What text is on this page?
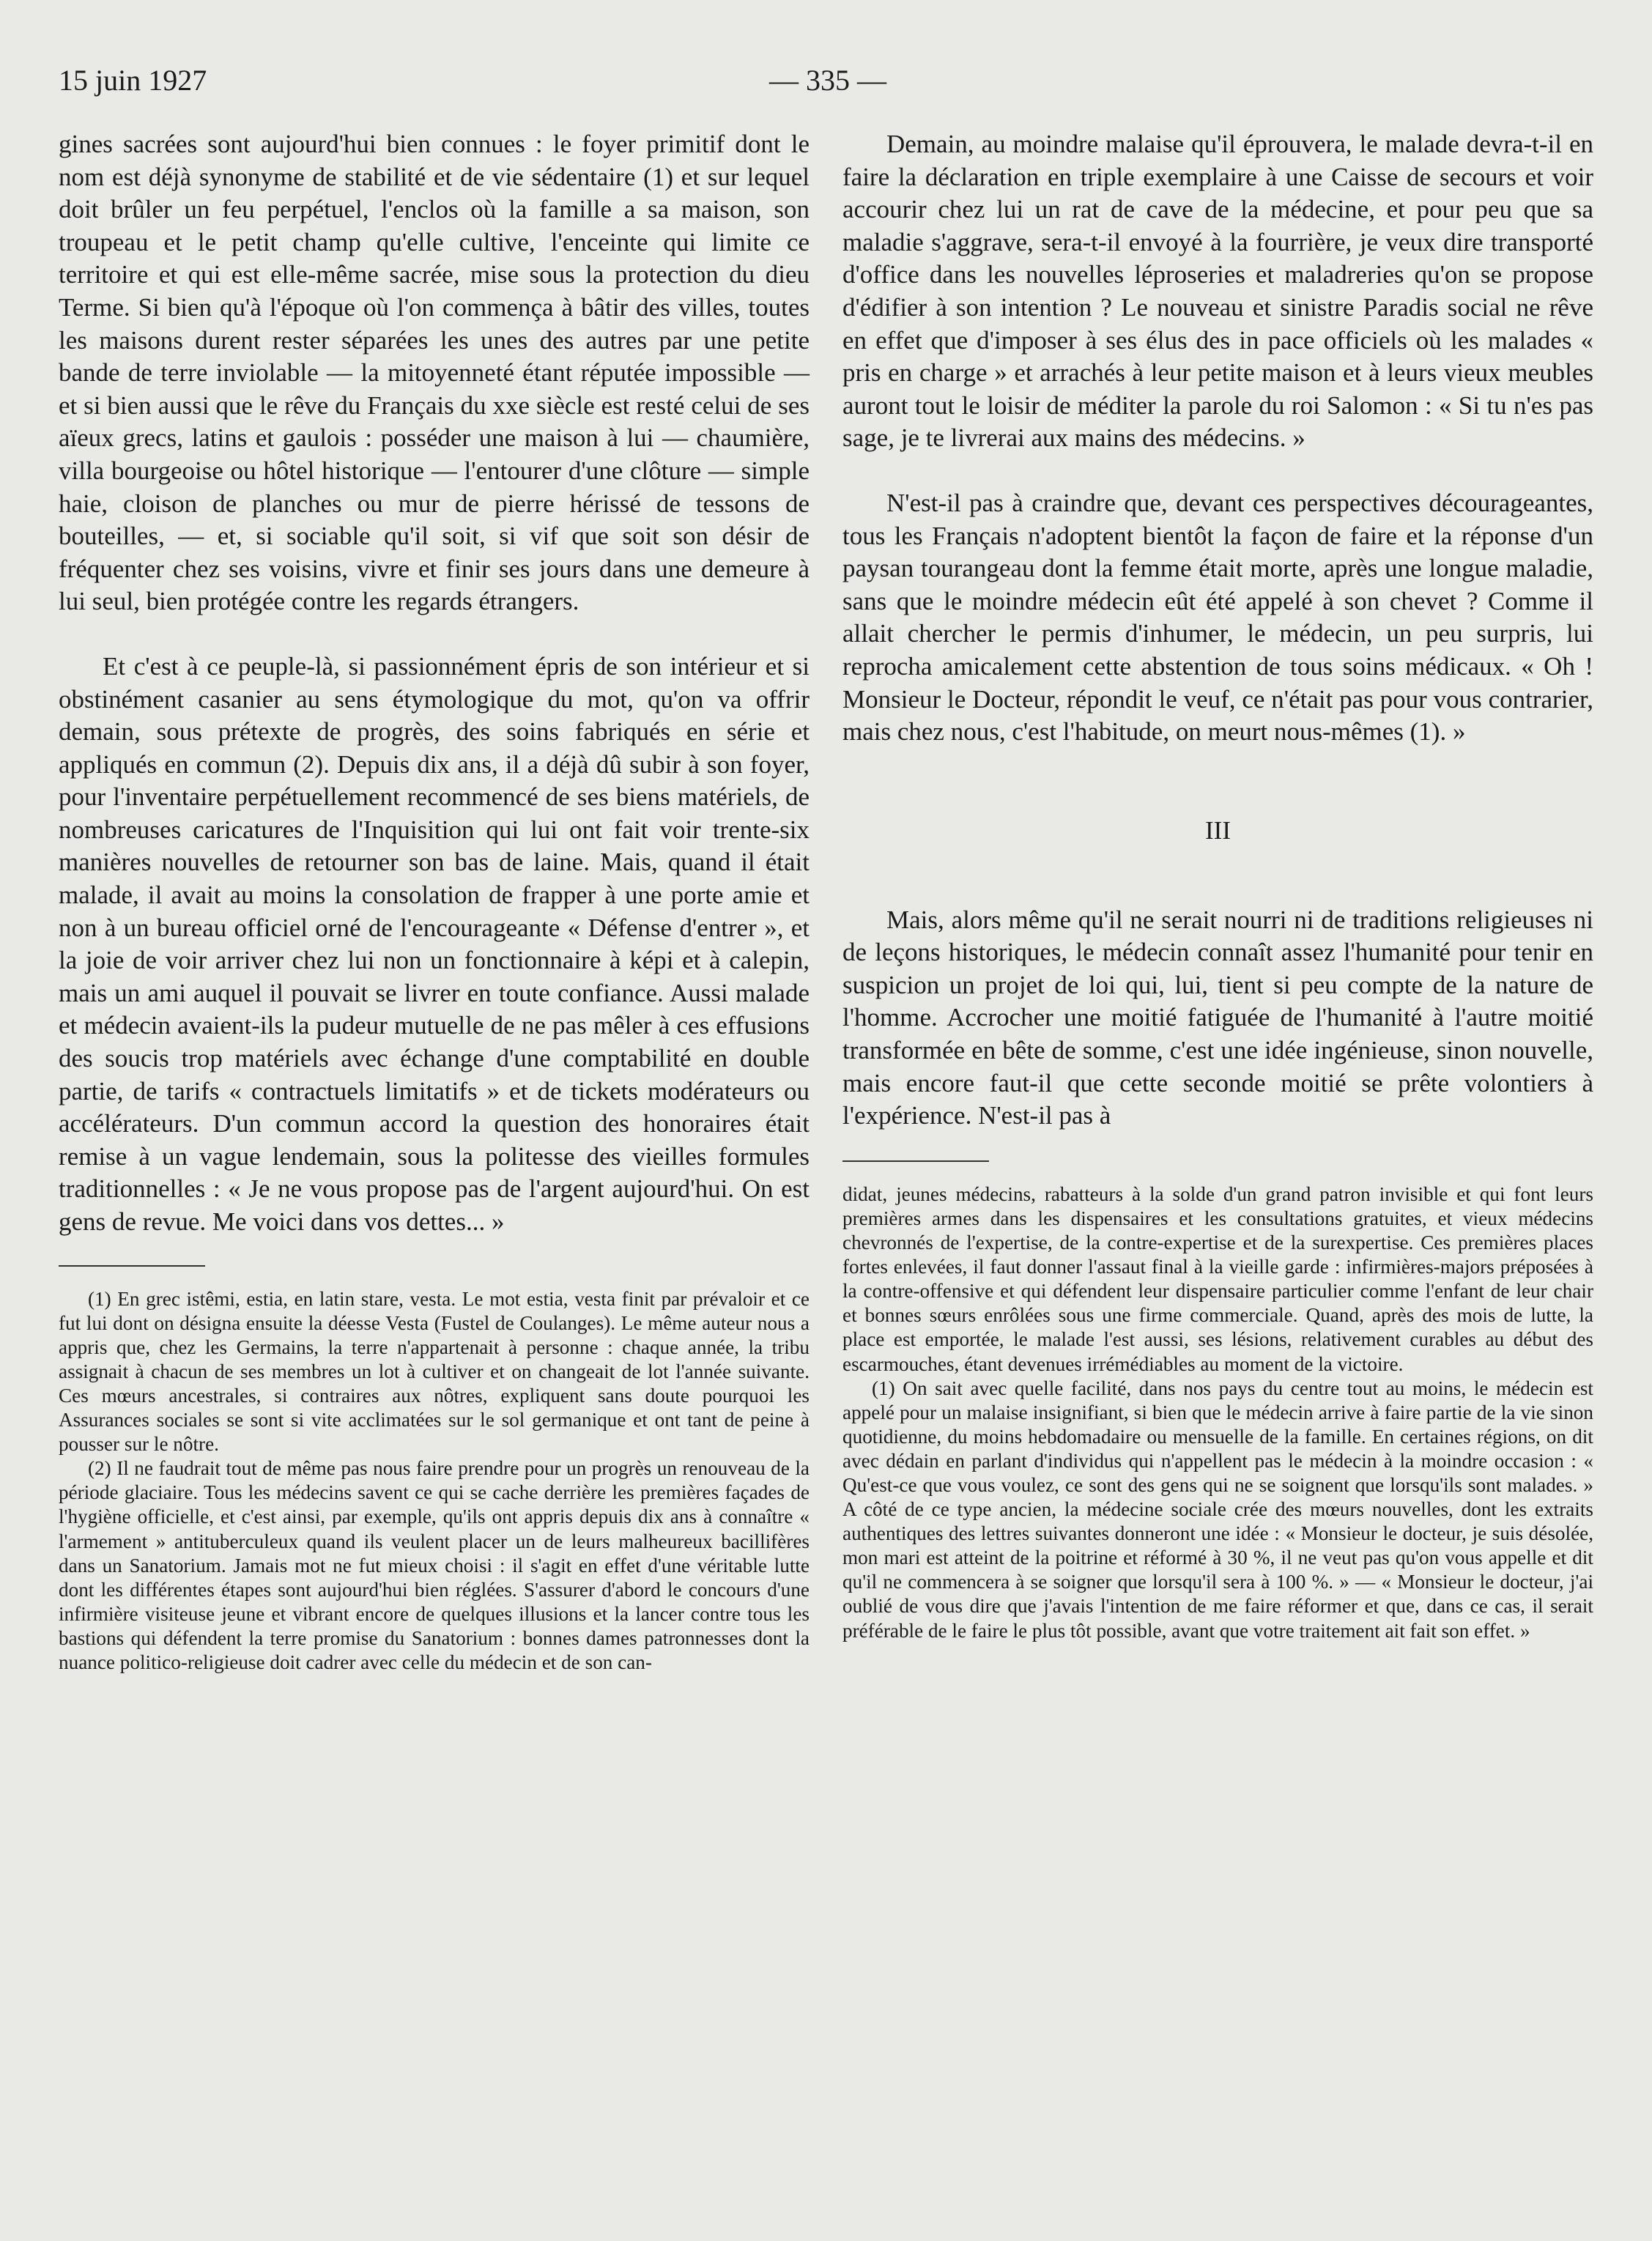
15 juin 1927	— 335 —

gines sacrées sont aujourd'hui bien connues : le foyer primitif dont le nom est déjà synonyme de stabilité et de vie sédentaire (1) et sur lequel doit brûler un feu perpétuel, l'enclos où la famille a sa maison, son troupeau et le petit champ qu'elle cultive, l'enceinte qui limite ce territoire et qui est elle-même sacrée, mise sous la protection du dieu Terme. Si bien qu'à l'époque où l'on commença à bâtir des villes, toutes les maisons durent rester séparées les unes des autres par une petite bande de terre inviolable — la mitoyenneté étant réputée impossible — et si bien aussi que le rêve du Français du xxe siècle est resté celui de ses aïeux grecs, latins et gaulois : posséder une maison à lui — chaumière, villa bourgeoise ou hôtel historique — l'entourer d'une clôture — simple haie, cloison de planches ou mur de pierre hérissé de tessons de bouteilles, — et, si sociable qu'il soit, si vif que soit son désir de fréquenter chez ses voisins, vivre et finir ses jours dans une demeure à lui seul, bien protégée contre les regards étrangers.

Et c'est à ce peuple-là, si passionnément épris de son intérieur et si obstinément casanier au sens étymologique du mot, qu'on va offrir demain, sous prétexte de progrès, des soins fabriqués en série et appliqués en commun (2). Depuis dix ans, il a déjà dû subir à son foyer, pour l'inventaire perpétuellement recommencé de ses biens matériels, de nombreuses caricatures de l'Inquisition qui lui ont fait voir trente-six manières nouvelles de retourner son bas de laine. Mais, quand il était malade, il avait au moins la consolation de frapper à une porte amie et non à un bureau officiel orné de l'encourageante « Défense d'entrer », et la joie de voir arriver chez lui non un fonctionnaire à képi et à calepin, mais un ami auquel il pouvait se livrer en toute confiance. Aussi malade et médecin avaient-ils la pudeur mutuelle de ne pas mêler à ces effusions des soucis trop matériels avec échange d'une comptabilité en double partie, de tarifs « contractuels limitatifs » et de tickets modérateurs ou accélérateurs. D'un commun accord la question des honoraires était remise à un vague lendemain, sous la politesse des vieilles formules traditionnelles : « Je ne vous propose pas de l'argent aujourd'hui. On est gens de revue. Me voici dans vos dettes... »

(1) En grec istêmi, estia, en latin stare, vesta. Le mot estia, vesta finit par prévaloir et ce fut lui dont on désigna ensuite la déesse Vesta (Fustel de Coulanges). Le même auteur nous a appris que, chez les Germains, la terre n'appartenait à personne : chaque année, la tribu assignait à chacun de ses membres un lot à cultiver et on changeait de lot l'année suivante. Ces mœurs ancestrales, si contraires aux nôtres, expliquent sans doute pourquoi les Assurances sociales se sont si vite acclimatées sur le sol germanique et ont tant de peine à pousser sur le nôtre.

(2) Il ne faudrait tout de même pas nous faire prendre pour un progrès un renouveau de la période glaciaire. Tous les médecins savent ce qui se cache derrière les premières façades de l'hygiène officielle, et c'est ainsi, par exemple, qu'ils ont appris depuis dix ans à connaître « l'armement » antituberculeux quand ils veulent placer un de leurs malheureux bacillifères dans un Sanatorium. Jamais mot ne fut mieux choisi : il s'agit en effet d'une véritable lutte dont les différentes étapes sont aujourd'hui bien réglées. S'assurer d'abord le concours d'une infirmière visiteuse jeune et vibrant encore de quelques illusions et la lancer contre tous les bastions qui défendent la terre promise du Sanatorium : bonnes dames patronnesses dont la nuance politico-religieuse doit cadrer avec celle du médecin et de son can-

Demain, au moindre malaise qu'il éprouvera, le malade devra-t-il en faire la déclaration en triple exemplaire à une Caisse de secours et voir accourir chez lui un rat de cave de la médecine, et pour peu que sa maladie s'aggrave, sera-t-il envoyé à la fourrière, je veux dire transporté d'office dans les nouvelles léproseries et maladreries qu'on se propose d'édifier à son intention ? Le nouveau et sinistre Paradis social ne rêve en effet que d'imposer à ses élus des in pace officiels où les malades « pris en charge » et arrachés à leur petite maison et à leurs vieux meubles auront tout le loisir de méditer la parole du roi Salomon : « Si tu n'es pas sage, je te livrerai aux mains des médecins. »

N'est-il pas à craindre que, devant ces perspectives décourageantes, tous les Français n'adoptent bientôt la façon de faire et la réponse d'un paysan tourangeau dont la femme était morte, après une longue maladie, sans que le moindre médecin eût été appelé à son chevet ? Comme il allait chercher le permis d'inhumer, le médecin, un peu surpris, lui reprocha amicalement cette abstention de tous soins médicaux. « Oh ! Monsieur le Docteur, répondit le veuf, ce n'était pas pour vous contrarier, mais chez nous, c'est l'habitude, on meurt nous-mêmes (1). »

III

Mais, alors même qu'il ne serait nourri ni de traditions religieuses ni de leçons historiques, le médecin connaît assez l'humanité pour tenir en suspicion un projet de loi qui, lui, tient si peu compte de la nature de l'homme. Accrocher une moitié fatiguée de l'humanité à l'autre moitié transformée en bête de somme, c'est une idée ingénieuse, sinon nouvelle, mais encore faut-il que cette seconde moitié se prête volontiers à l'expérience. N'est-il pas à

didat, jeunes médecins, rabatteurs à la solde d'un grand patron invisible et qui font leurs premières armes dans les dispensaires et les consultations gratuites, et vieux médecins chevronnés de l'expertise, de la contre-expertise et de la surexpertise. Ces premières places fortes enlevées, il faut donner l'assaut final à la vieille garde : infirmières-majors préposées à la contre-offensive et qui défendent leur dispensaire particulier comme l'enfant de leur chair et bonnes sœurs enrôlées sous une firme commerciale. Quand, après des mois de lutte, la place est emportée, le malade l'est aussi, ses lésions, relativement curables au début des escarmouches, étant devenues irrémédiables au moment de la victoire.

(1) On sait avec quelle facilité, dans nos pays du centre tout au moins, le médecin est appelé pour un malaise insignifiant, si bien que le médecin arrive à faire partie de la vie sinon quotidienne, du moins hebdomadaire ou mensuelle de la famille. En certaines régions, on dit avec dédain en parlant d'individus qui n'appellent pas le médecin à la moindre occasion : « Qu'est-ce que vous voulez, ce sont des gens qui ne se soignent que lorsqu'ils sont malades. » A côté de ce type ancien, la médecine sociale crée des mœurs nouvelles, dont les extraits authentiques des lettres suivantes donneront une idée : « Monsieur le docteur, je suis désolée, mon mari est atteint de la poitrine et réformé à 30 %, il ne veut pas qu'on vous appelle et dit qu'il ne commencera à se soigner que lorsqu'il sera à 100 %. » — « Monsieur le docteur, j'ai oublié de vous dire que j'avais l'intention de me faire réformer et que, dans ce cas, il serait préférable de le faire le plus tôt possible, avant que votre traitement ait fait son effet. »
